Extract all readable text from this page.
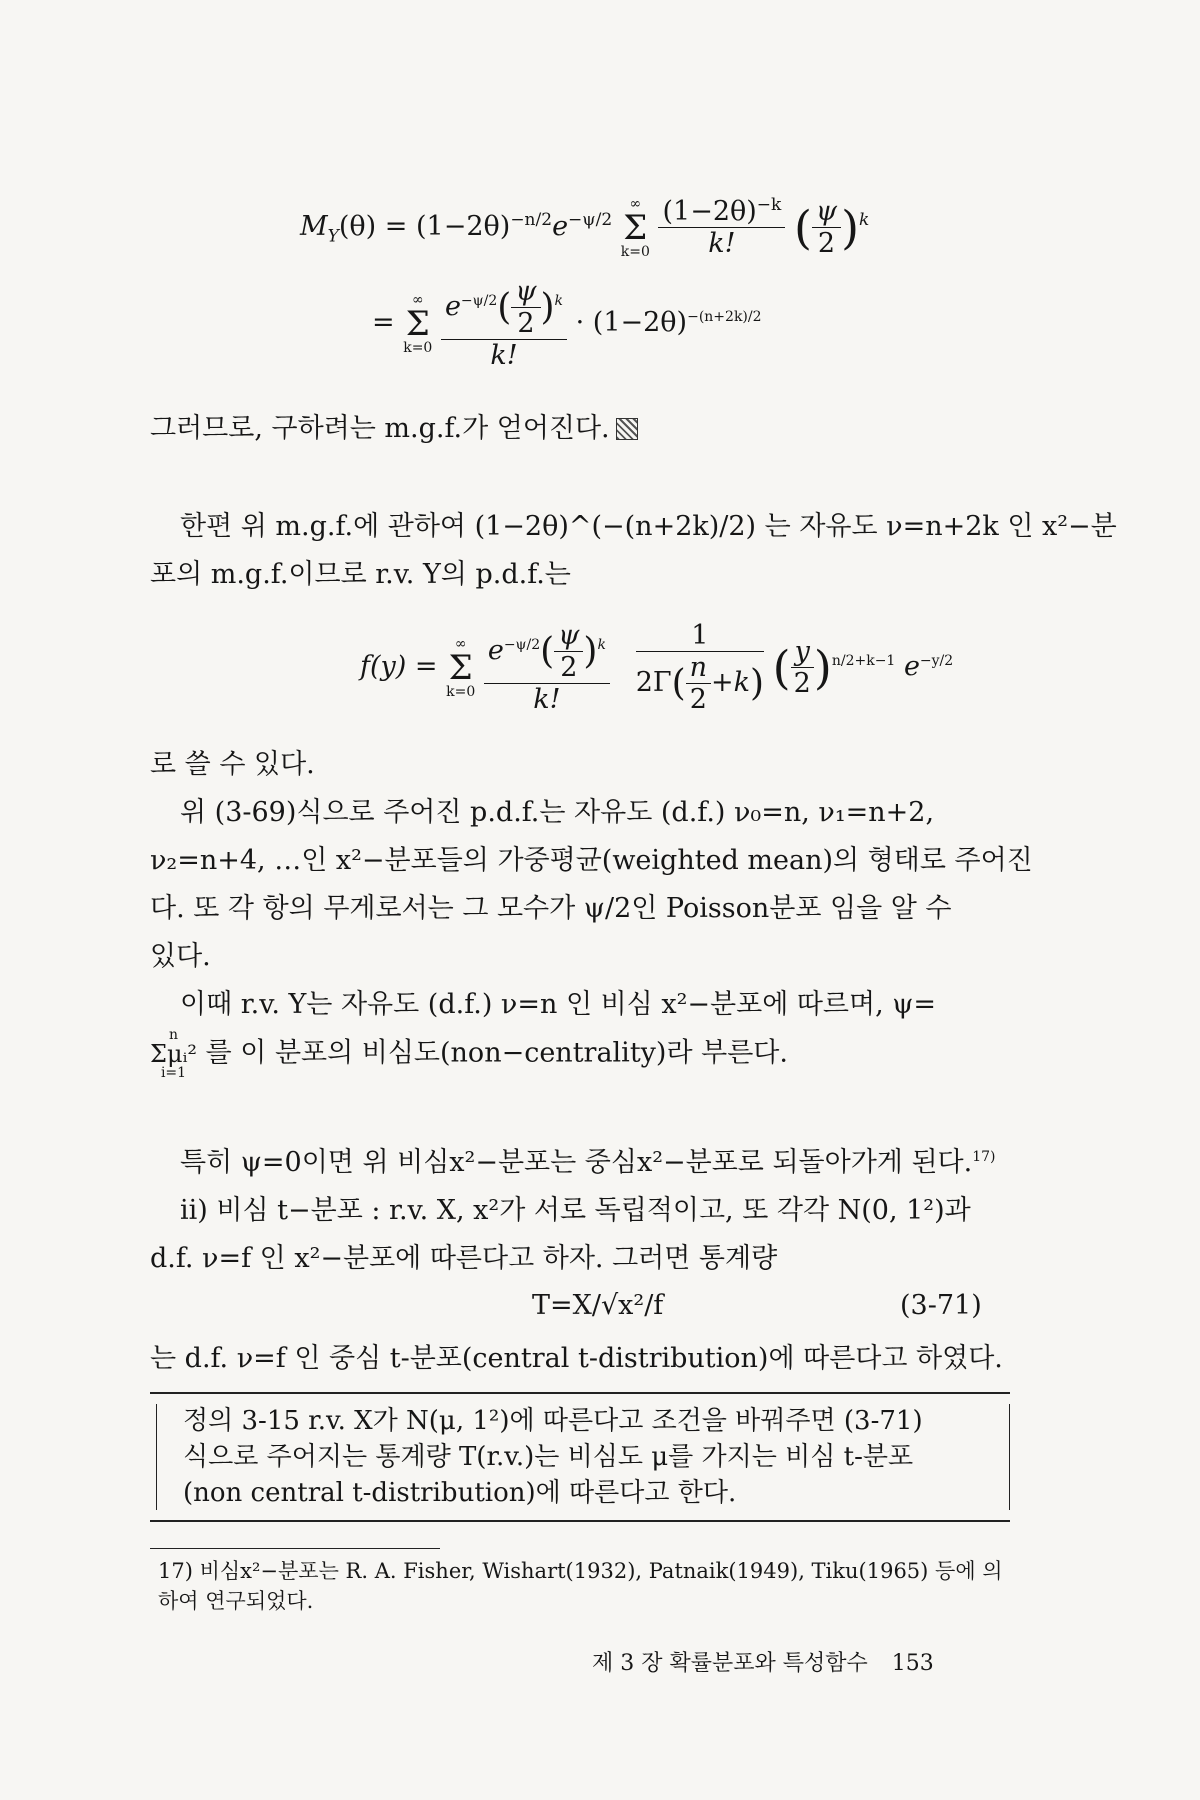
$M_Y(\theta) = (1-2\theta)^{-n/2}e^{-\psi/2}$
∞
Σ
k=0
$\frac{(1-2\theta)^{-k}}{k!}$ ( $\frac{\psi}{2} )^k$
=
∞
Σ
k=0
$\frac{e^{-\psi/2}( \frac{\psi}{2} )^k}{k!} \cdot (1-2\theta)^{-(n+2k)/2}$
그러므로, 구하려는 m.g.f.가 얻어진다.
한편 위 m.g.f.에 관하여 (1−2θ)^(−(n+2k)/2) 는 자유도 ν=n+2k 인 x²−분
포의 m.g.f.이므로 r.v. Y의 p.d.f.는
f(y) =
∞
Σ
k=0
$\frac{e^{-\psi/2}( \frac{\psi}{2} )^k}{k!}$
$\frac{1}{2\Gamma( \frac{n}{2} +k)}$ ( $\frac{y}{2} )^{n/2+k-1}$ $e^{-y/2}$
로 쓸 수 있다.
위 (3-69)식으로 주어진 p.d.f.는 자유도 (d.f.) ν₀=n, ν₁=n+2,
ν₂=n+4, …인 x²−분포들의 가중평균(weighted mean)의 형태로 주어진
다. 또 각 항의 무게로서는 그 모수가 ψ/2인 Poisson분포 임을 알 수
있다.
이때 r.v. Y는 자유도 (d.f.) ν=n 인 비심 x²−분포에 따르며, ψ=
n
Σμᵢ²
i=1
를 이 분포의 비심도(non−centrality)라 부른다.
특히 ψ=0이면 위 비심x²−분포는 중심x²−분포로 되돌아가게 된다.$^{17)}$
ii) 비심 t−분포 : r.v. X, x²가 서로 독립적이고, 또 각각 N(0, 1²)과
d.f. ν=f 인 x²−분포에 따른다고 하자. 그러면 통계량
T=X/√x²/f	(3-71)
는 d.f. ν=f 인 중심 t-분포(central t-distribution)에 따른다고 하였다.
정의 3-15 r.v. X가 N(μ, 1²)에 따른다고 조건을 바꿔주면 (3-71)
식으로 주어지는 통계량 T(r.v.)는 비심도 μ를 가지는 비심 t-분포
(non central t-distribution)에 따른다고 한다.
17) 비심x²−분포는 R. A. Fisher, Wishart(1932), Patnaik(1949), Tiku(1965) 등에 의
하여 연구되었다.
제 3 장 확률분포와 특성함수 153
